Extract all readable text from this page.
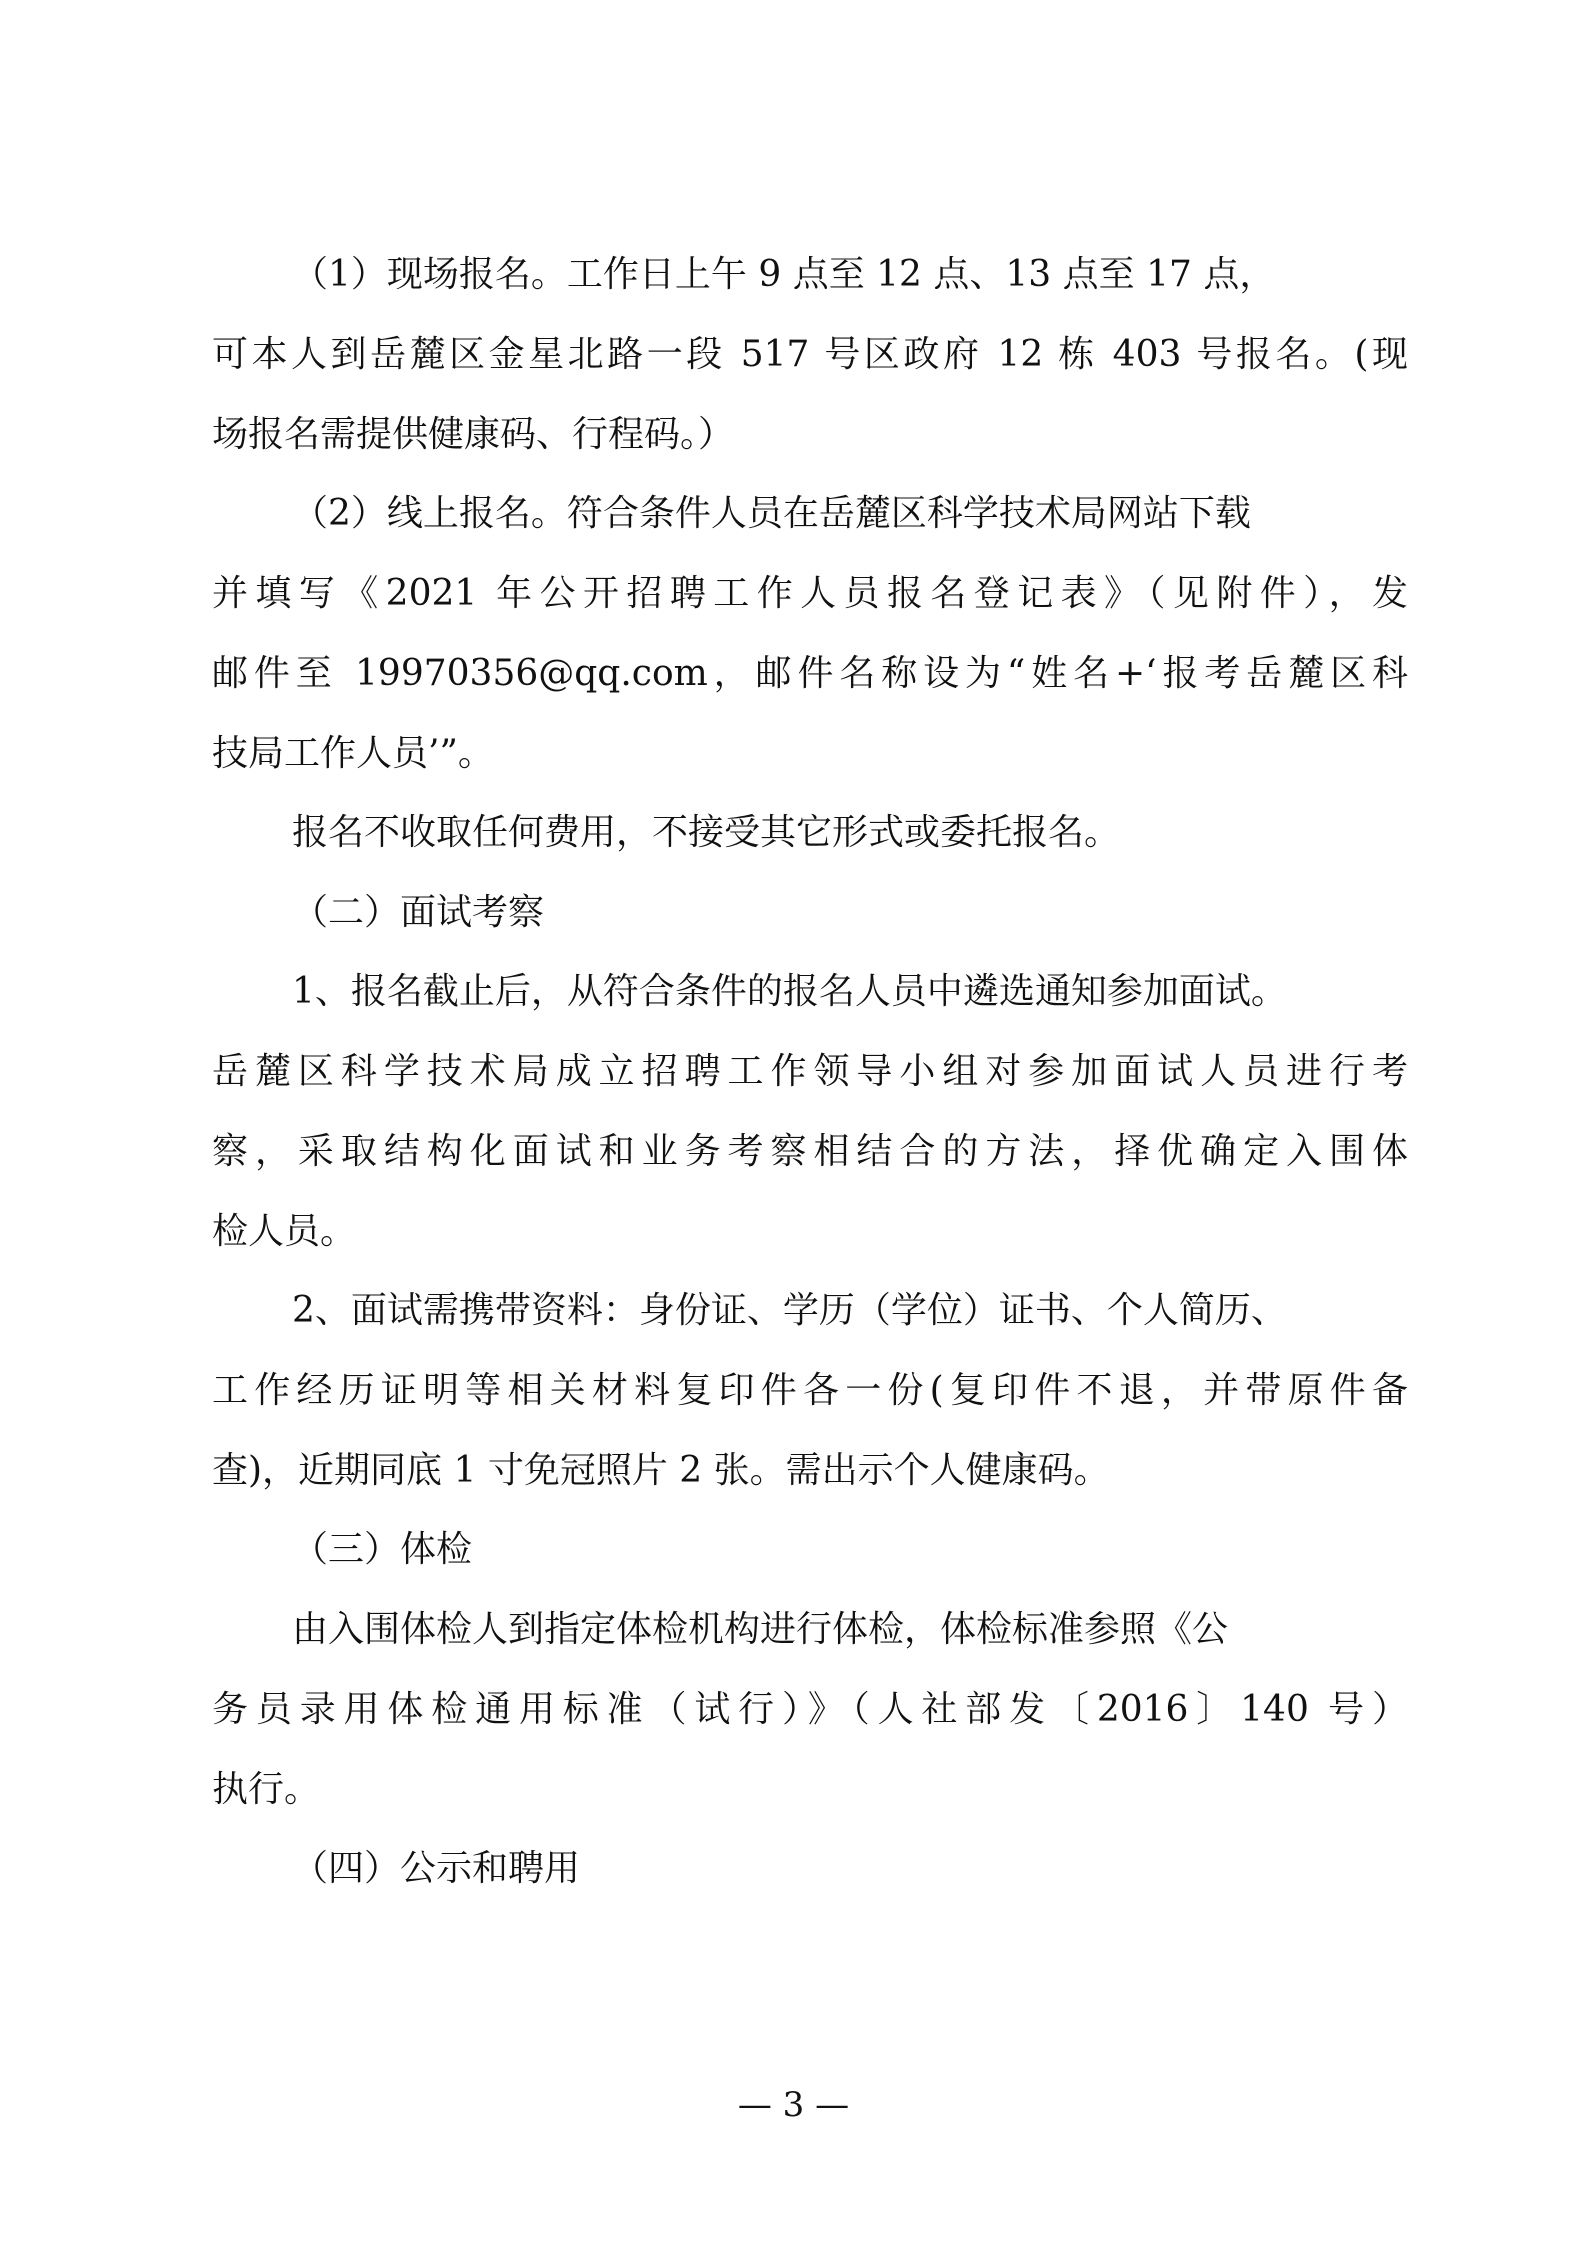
（1）现场报名。工作日上午 9 点至 12 点、13 点至 17 点，
可本人到岳麓区金星北路一段 517 号区政府 12 栋 403 号报名。(现
场报名需提供健康码、行程码。）
（2）线上报名。符合条件人员在岳麓区科学技术局网站下载
并填写《2021 年公开招聘工作人员报名登记表》（见附件），发
邮件至 19970356@qq.com，邮件名称设为“姓名+‘报考岳麓区科
技局工作人员’”。
报名不收取任何费用，不接受其它形式或委托报名。
（二）面试考察
1、报名截止后，从符合条件的报名人员中遴选通知参加面试。
岳麓区科学技术局成立招聘工作领导小组对参加面试人员进行考
察，采取结构化面试和业务考察相结合的方法，择优确定入围体
检人员。
2、面试需携带资料：身份证、学历（学位）证书、个人简历、
工作经历证明等相关材料复印件各一份(复印件不退，并带原件备
查)，近期同底 1 寸免冠照片 2 张。需出示个人健康码。
（三）体检
由入围体检人到指定体检机构进行体检，体检标准参照《公
务员录用体检通用标准（试行）》（人社部发〔2016〕140 号）
执行。
（四）公示和聘用
— 3 —
